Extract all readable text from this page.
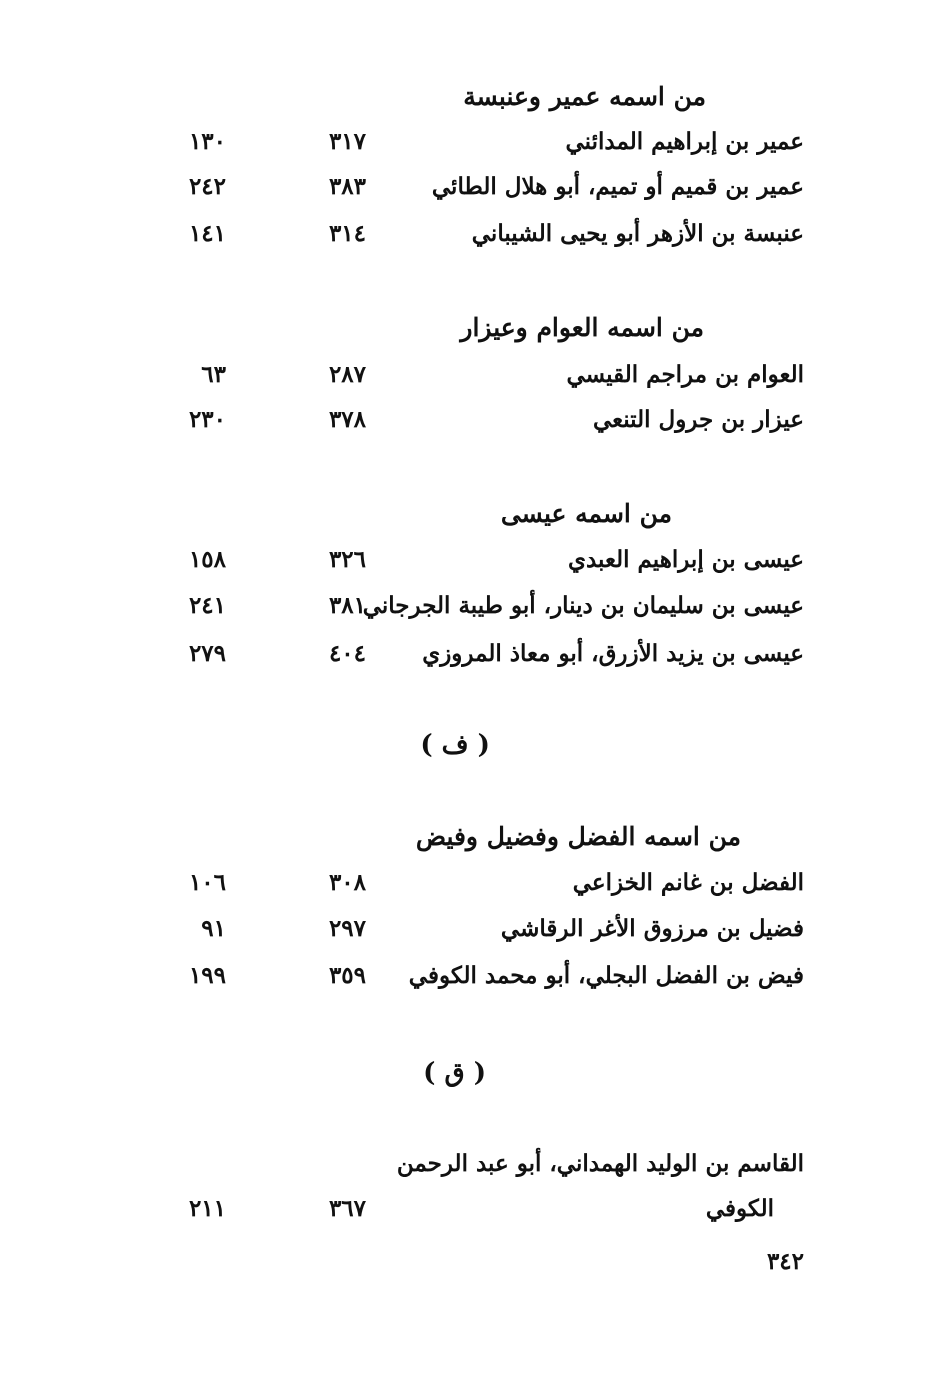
من اسمه عمير وعنبسة
عمير بن إبراهيم المدائني
٣١٧
١٣٠
عمير بن قميم أو تميم، أبو هلال الطائي
٣٨٣
٢٤٢
عنبسة بن الأزهر أبو يحيى الشيباني
٣١٤
١٤١
من اسمه العوام وعيزار
العوام بن مراجم القيسي
٢٨٧
٦٣
عيزار بن جرول التنعي
٣٧٨
٢٣٠
من اسمه عيسى
عيسى بن إبراهيم العبدي
٣٢٦
١٥٨
عيسى بن سليمان بن دينار، أبو طيبة الجرجاني
٣٨١
٢٤١
عيسى بن يزيد الأزرق، أبو معاذ المروزي
٤٠٤
٢٧٩
( ف )
من اسمه الفضل وفضيل وفيض
الفضل بن غانم الخزاعي
٣٠٨
١٠٦
فضيل بن مرزوق الأغر الرقاشي
٢٩٧
٩١
فيض بن الفضل البجلي، أبو محمد الكوفي
٣٥٩
١٩٩
( ق )
القاسم بن الوليد الهمداني، أبو عبد الرحمن
الكوفي
٣٦٧
٢١١
٣٤٢
